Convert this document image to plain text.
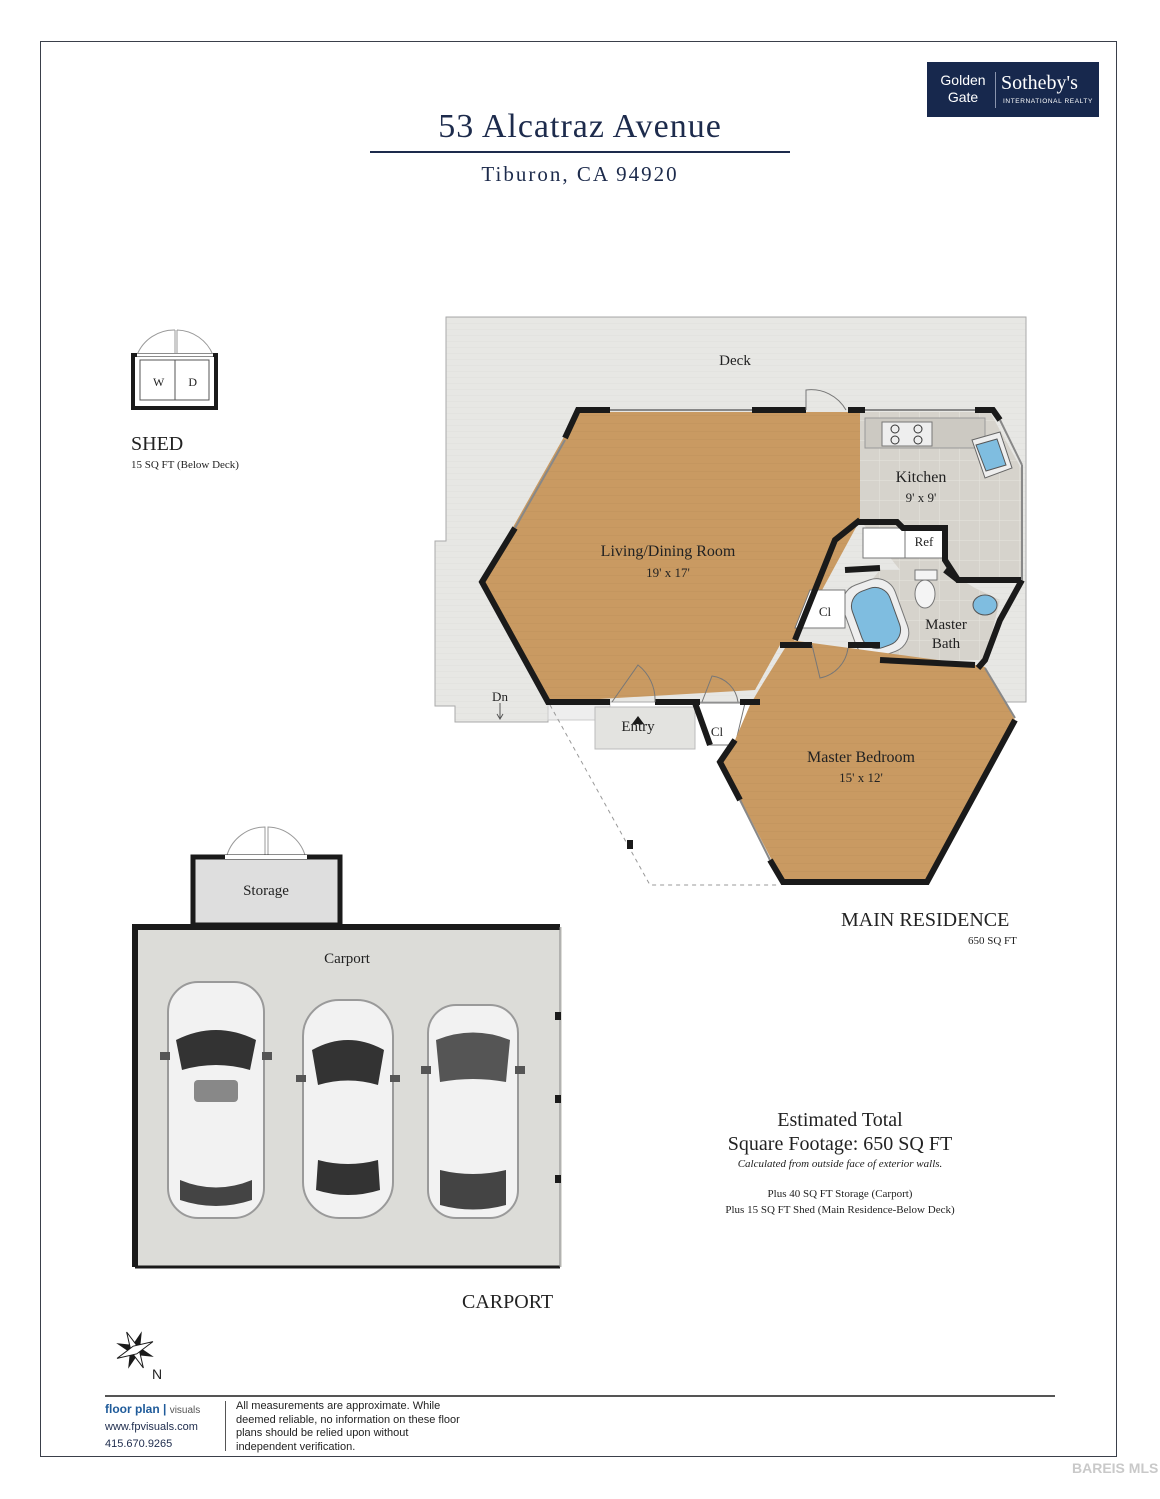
53 Alcatraz Avenue
Tiburon, CA 94920
Golden Gate
Sotheby's
INTERNATIONAL REALTY
W D
SHED
15 SQ FT (Below Deck)
Deck
Living/Dining Room
19' x 17'
Kitchen
9' x 9'
Ref
Cl
Cl
Master Bath
Master Bedroom
15' x 12'
Entry
Dn
MAIN RESIDENCE
650 SQ FT
Storage
Carport
CARPORT
Estimated Total
Square Footage: 650 SQ FT
Calculated from outside face of exterior walls.
Plus 40 SQ FT Storage (Carport)
Plus 15 SQ FT Shed (Main Residence-Below Deck)
N
floor plan | visuals
www.fpvisuals.com
415.670.9265
All measurements are approximate. While deemed reliable, no information on these floor plans should be relied upon without independent verification.
BAREIS MLS
